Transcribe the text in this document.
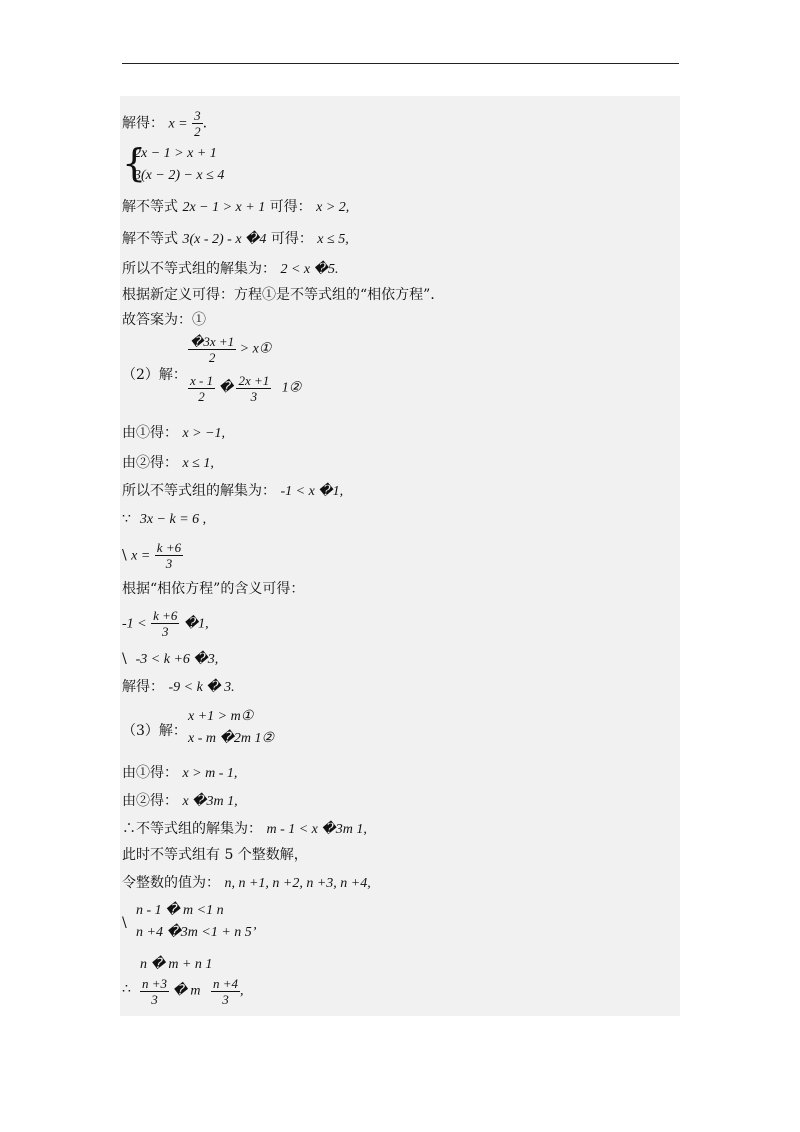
解得： $x = \frac{3}{2}$ .
{
2x − 1 > x + 1
3(x − 2) − x ≤ 4
解不等式 2x − 1 > x + 1 可得： x > 2,
解不等式 3(x - 2) - x �4 可得： x ≤ 5,
所以不等式组的解集为： 2 < x �5.
根据新定义可得：方程①是不等式组的“相依方程”．
故答案为：①
（2）解：
$\frac{�3x +1}{2}$ > x①
$\frac{x - 1}{2}$ � $\frac{2x +1}{3}$ 1②
由①得： x > −1,
由②得： x ≤ 1,
所以不等式组的解集为： -1 < x �1,
∵ 3x − k = 6 ,
\ $x = \frac{k +6}{3}$
根据“相依方程”的含义可得：
$-1 < \frac{k +6}{3}$ �1,
\ -3 < k +6 �3,
解得： -9 < k � 3.
（3）解：
x +1 > m①
x - m �2m 1②
由①得： x > m - 1,
由②得： x �3m 1,
∴不等式组的解集为： m - 1 < x �3m 1,
此时不等式组有 5 个整数解，
令整数的值为： n, n +1, n +2, n +3, n +4,
\
n - 1 � m <1 n
n +4 �3m <1 + n 5’
n � m + n 1
∴ $\frac{n +3}{3}$ � m $\frac{n +4}{3}$ ,
